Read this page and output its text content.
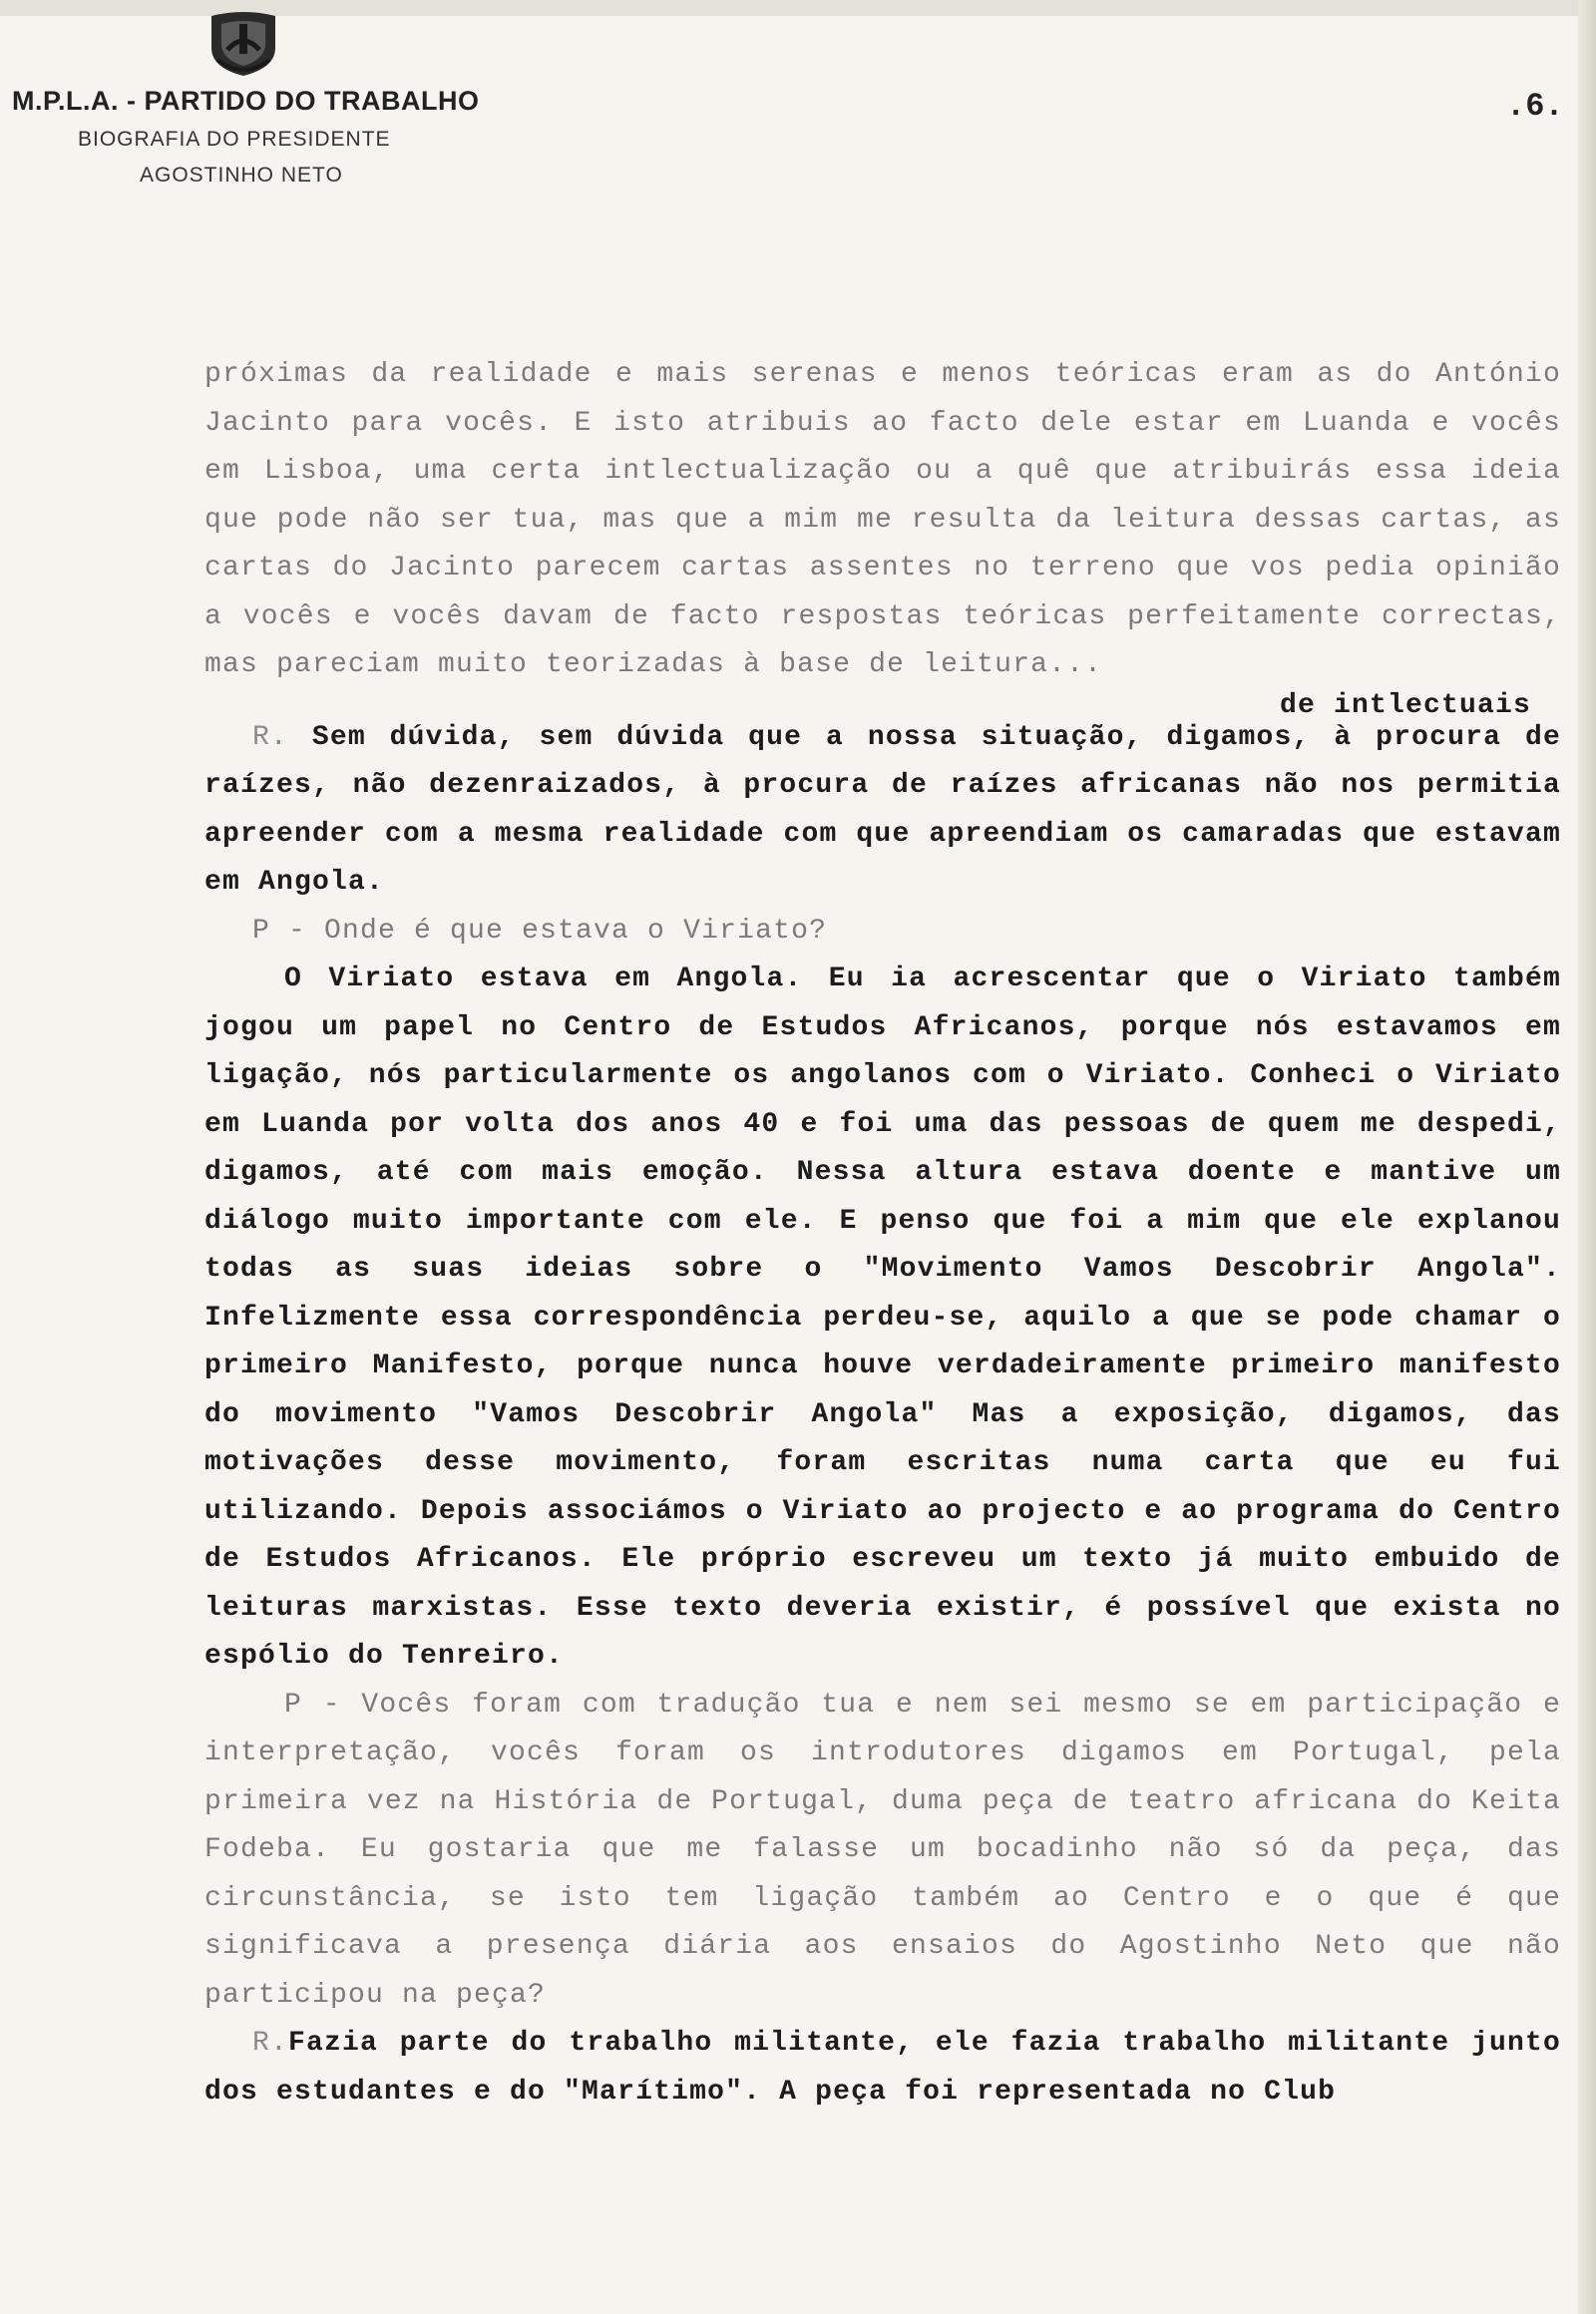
M.P.L.A. - PARTIDO DO TRABALHO
BIOGRAFIA DO PRESIDENTE
AGOSTINHO NETO
.6.

próximas da realidade e mais serenas e menos teóricas eram as do António Jacinto para vocês. E isto atribuis ao facto dele estar em Luanda e vocês em Lisboa, uma certa intlectualização ou a quê que atribuirás essa ideia que pode não ser tua, mas que a mim me resulta da leitura dessas cartas, as cartas do Jacinto parecem cartas assentes no terreno que vos pedia opinião a vocês e vocês davam de facto respostas teóricas perfeitamente correctas, mas pareciam muito teorizadas à base de leitura...

de intlectuais

R. Sem dúvida, sem dúvida que a nossa situação, digamos, à procura de raízes, não dezenraizados, à procura de raízes africanas não nos permitia apreender com a mesma realidade com que apreendiam os camaradas que estavam em Angola.

P - Onde é que estava o Viriato?

O Viriato estava em Angola. Eu ia acrescentar que o Viriato também jogou um papel no Centro de Estudos Africanos, porque nós estavamos em ligação, nós particularmente os angolanos com o Viriato. Conheci o Viriato em Luanda por volta dos anos 40 e foi uma das pessoas de quem me despedi, digamos, até com mais emoção. Nessa altura estava doente e mantive um diálogo muito importante com ele. E penso que foi a mim que ele explanou todas as suas ideias sobre o "Movimento Vamos Descobrir Angola". Infelizmente essa correspondência perdeu-se, aquilo a que se pode chamar o primeiro Manifesto, porque nunca houve verdadeiramente primeiro manifesto do movimento "Vamos Descobrir Angola" Mas a exposição, digamos, das motivações desse movimento, foram escritas numa carta que eu fui utilizando. Depois associámos o Viriato ao projecto e ao programa do Centro de Estudos Africanos. Ele próprio escreveu um texto já muito embuido de leituras marxistas. Esse texto deveria existir, é possível que exista no espólio do Tenreiro.

P - Vocês foram com tradução tua e nem sei mesmo se em participação e interpretação, vocês foram os introdutores digamos em Portugal, pela primeira vez na História de Portugal, duma peça de teatro africana do Keita Fodeba. Eu gostaria que me falasse um bocadinho não só da peça, das circunstância, se isto tem ligação também ao Centro e o que é que significava a presença diária aos ensaios do Agostinho Neto que não participou na peça?

R.Fazia parte do trabalho militante, ele fazia trabalho militante junto dos estudantes e do "Marítimo". A peça foi representada no Club
